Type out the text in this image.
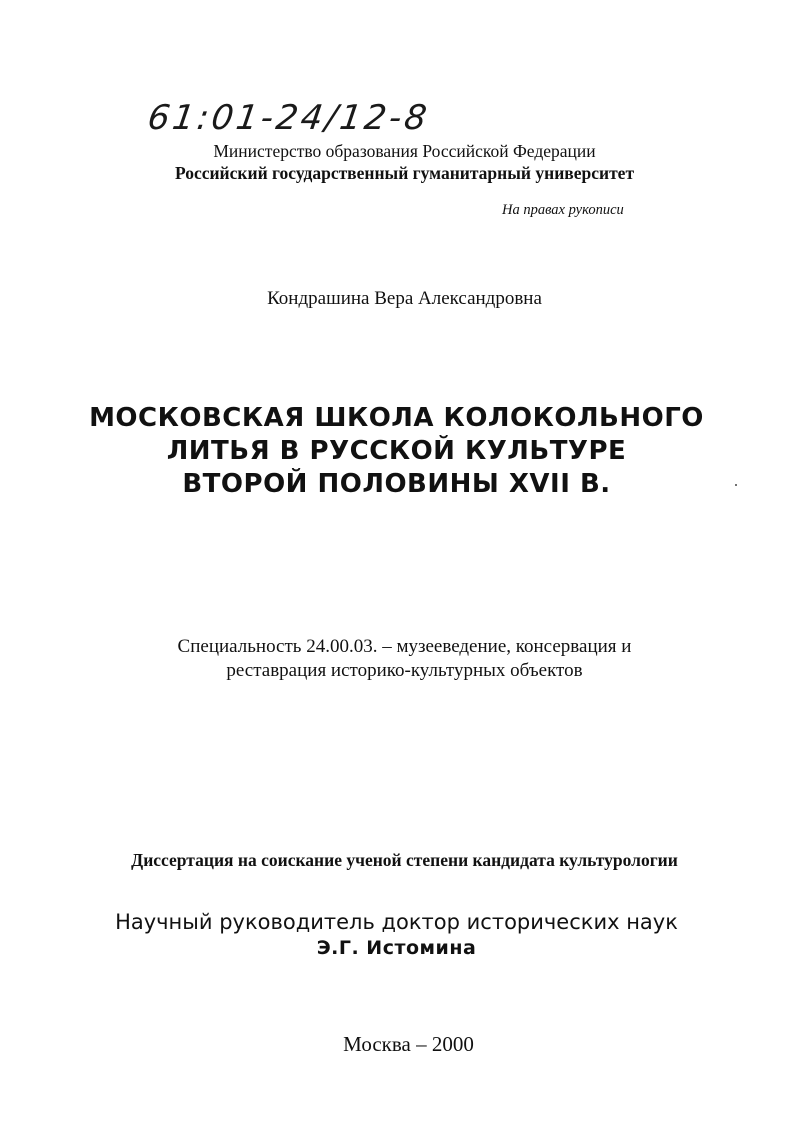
61:01-24/12-8
Министерство образования Российской Федерации
Российский государственный гуманитарный университет
На правах рукописи
Кондрашина Вера Александровна
МОСКОВСКАЯ ШКОЛА КОЛОКОЛЬНОГО
ЛИТЬЯ В РУССКОЙ КУЛЬТУРЕ
ВТОРОЙ ПОЛОВИНЫ XVII В.
Специальность 24.00.03. – музееведение, консервация и
реставрация историко-культурных объектов
Диссертация на соискание ученой степени кандидата культурологии
Научный руководитель доктор исторических наук
Э.Г. Истомина
Москва – 2000
